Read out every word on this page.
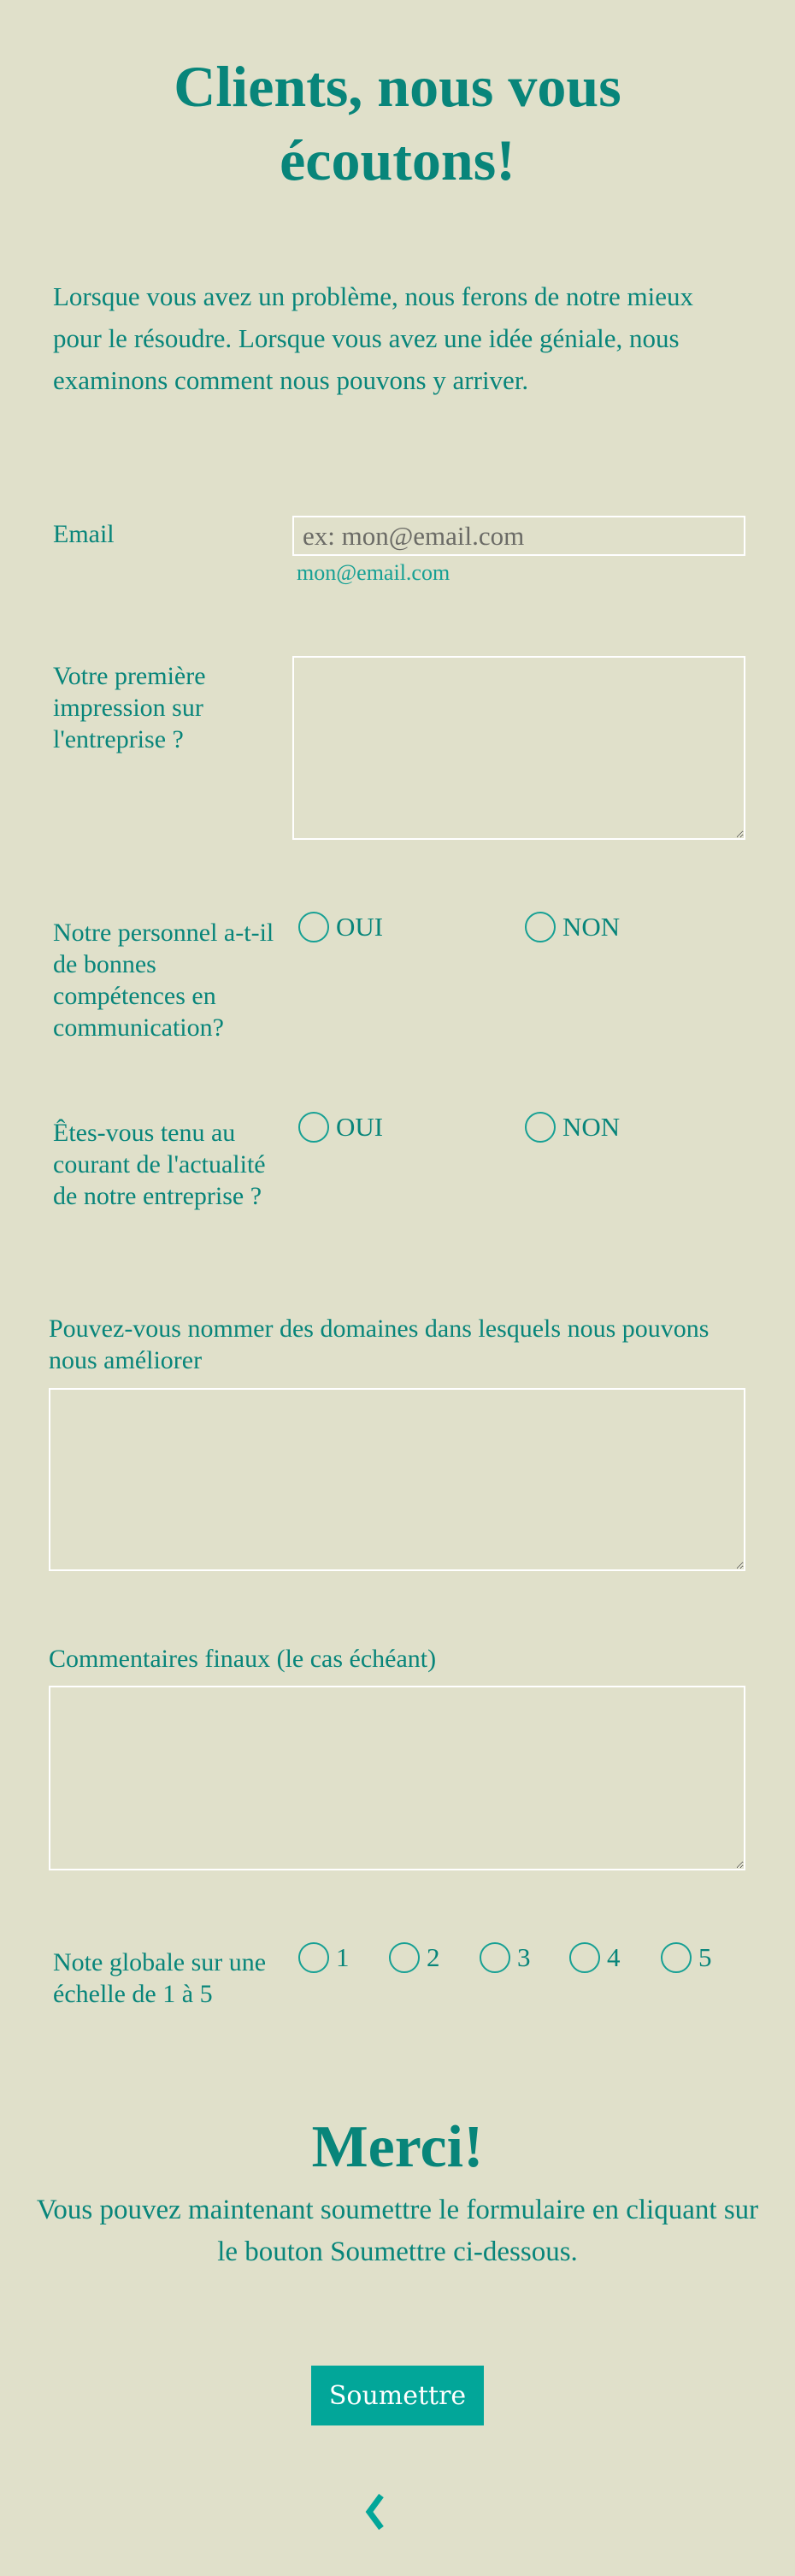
Clients, nous vous
écoutons!

Lorsque vous avez un problème, nous ferons de notre mieux pour le résoudre. Lorsque vous avez une idée géniale, nous examinons comment nous pouvons y arriver.

Email
ex: mon@email.com
mon@email.com
Votre première impression sur l'entreprise ?
Notre personnel a-t-il de bonnes compétences en communication?
OUI	NON
Êtes-vous tenu au courant de l'actualité de notre entreprise ?
OUI	NON
Pouvez-vous nommer des domaines dans lesquels nous pouvons nous améliorer
Commentaires finaux (le cas échéant)
Note globale sur une échelle de 1 à 5
1	2	3	4	5
Merci!

Vous pouvez maintenant soumettre le formulaire en cliquant sur le bouton Soumettre ci-dessous.

Soumettre
